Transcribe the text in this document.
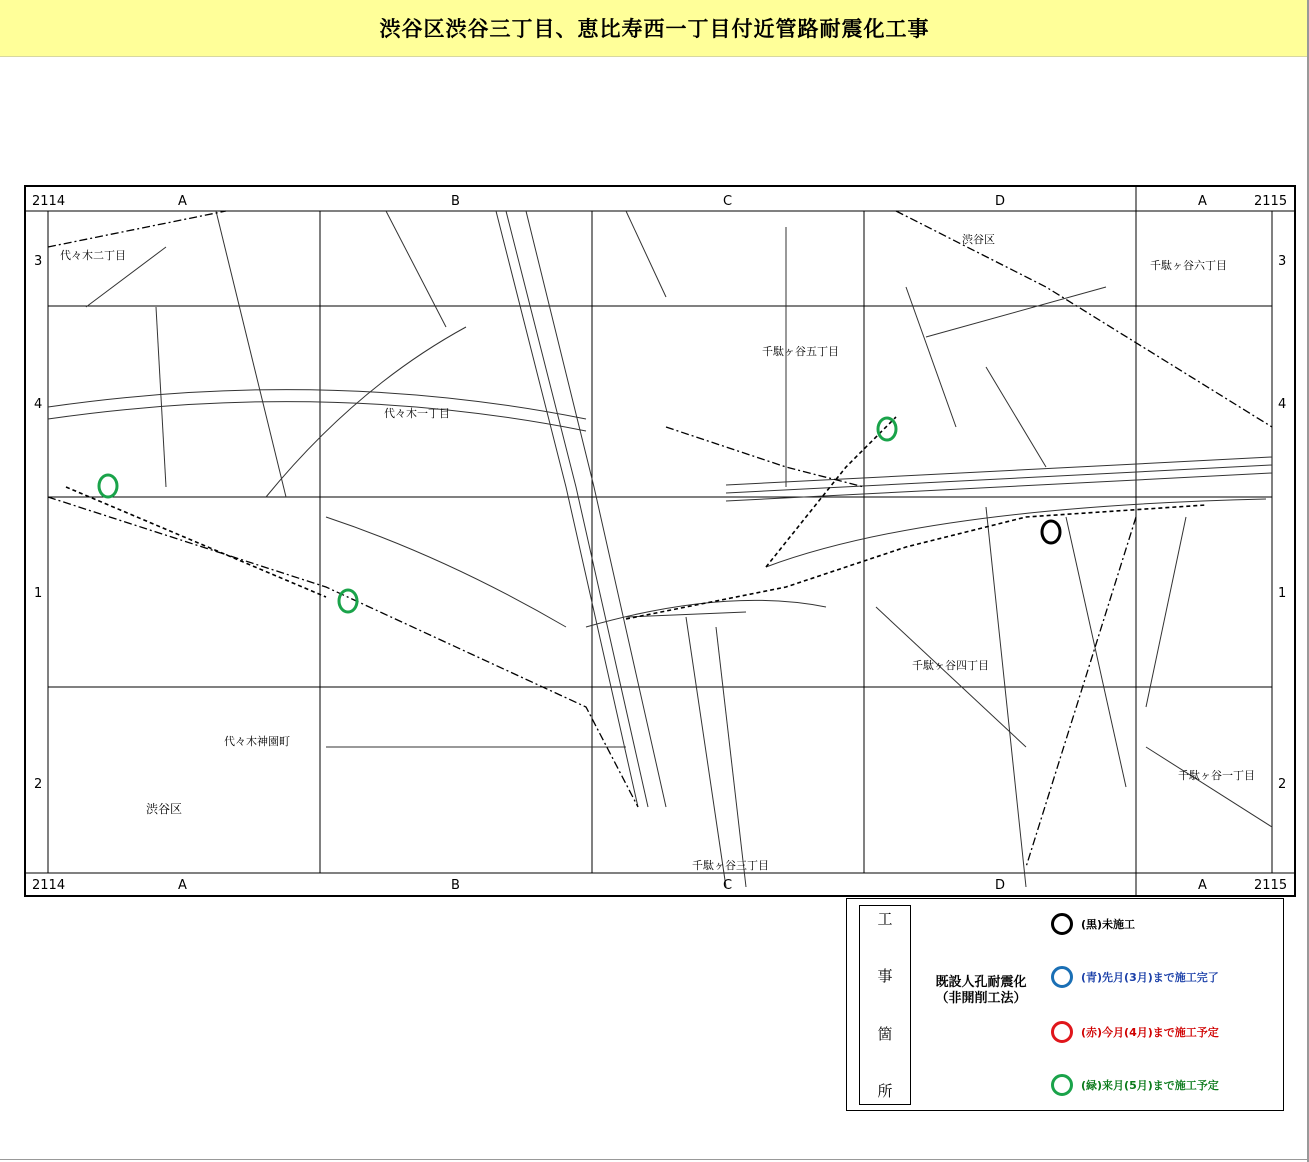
渋谷区渋谷三丁目、恵比寿西一丁目付近管路耐震化工事
2114	A	B	C	D	A	2115
2114	A	B	C	D	A	2115
3
4
1
2
3
4
1
2
代々木二丁目
代々木一丁目
千駄ヶ谷五丁目
渋谷区
千駄ヶ谷六丁目
千駄ヶ谷四丁目
代々木神園町
渋谷区
千駄ヶ谷三丁目
千駄ヶ谷一丁目
工
事
箇
所
既設人孔耐震化
（非開削工法）
(黒)未施工
(青)先月(3月)まで施工完了
(赤)今月(4月)まで施工予定
(緑)来月(5月)まで施工予定
